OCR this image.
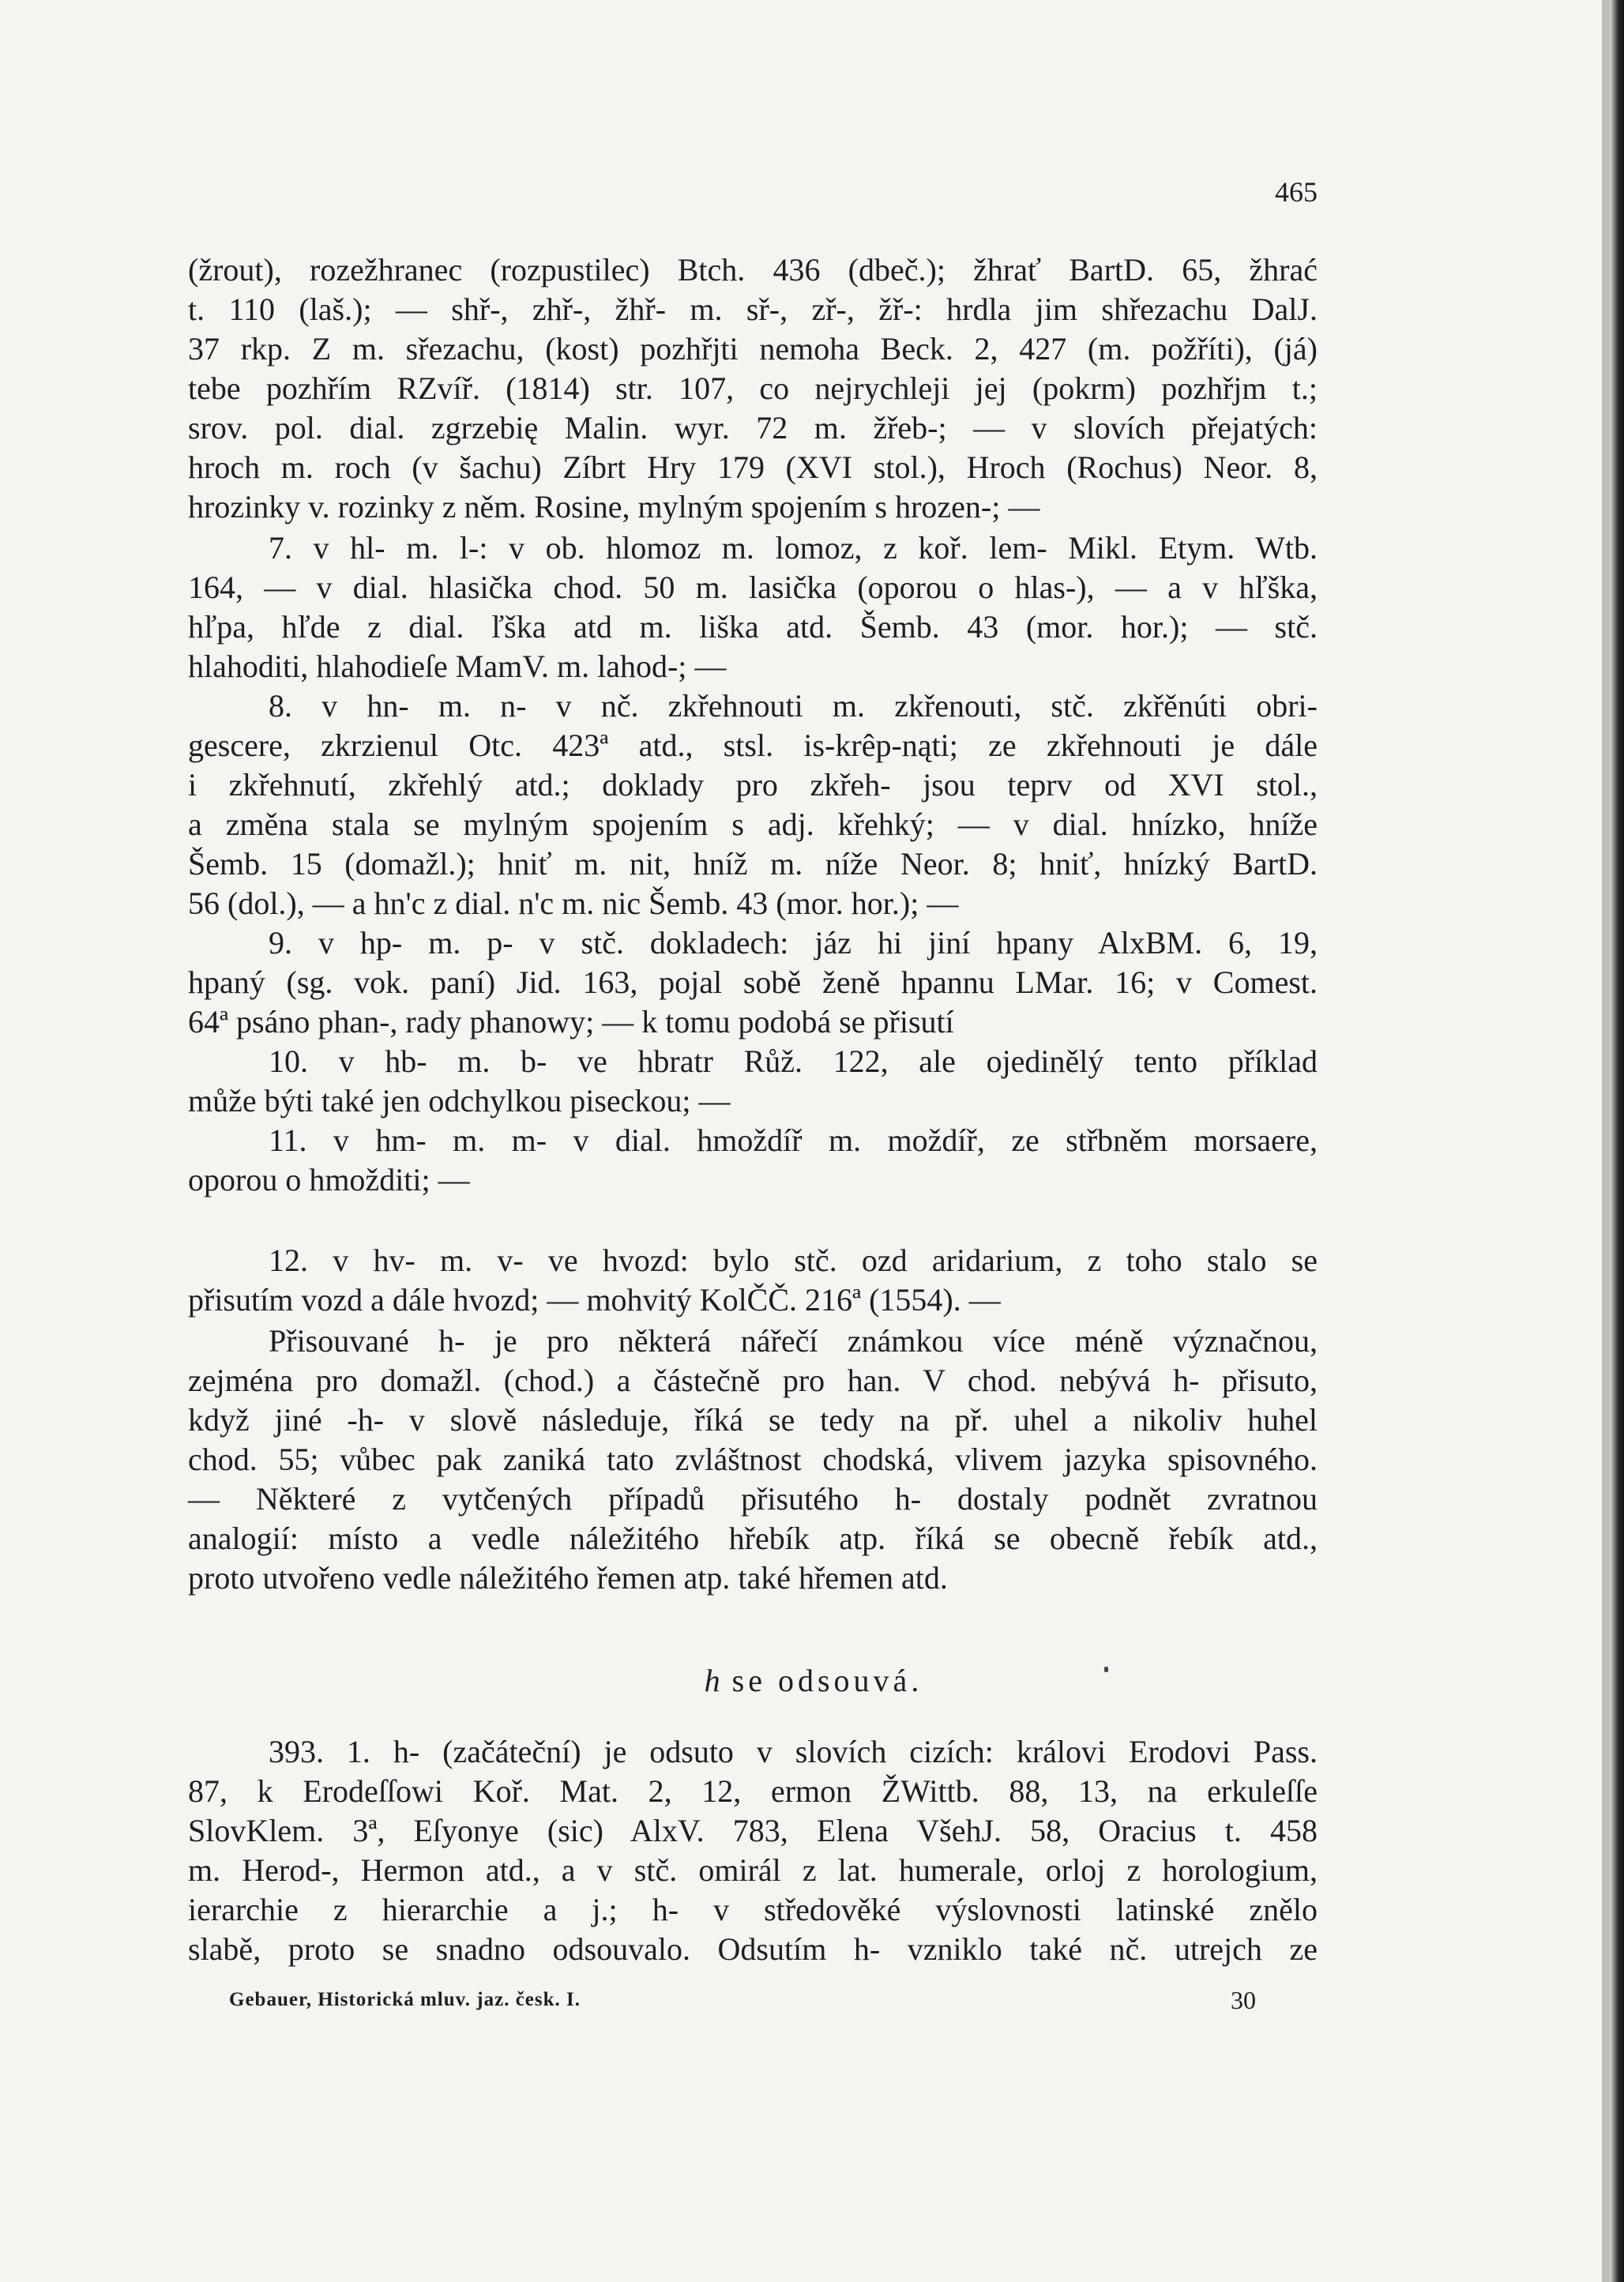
465
(žrout), rozežhranec (rozpustilec) Btch. 436 (dbeč.); žhrať BartD. 65, žhrać
t. 110 (laš.); — shř-, zhř-, žhř- m. sř-, zř-, žř-: hrdla jim shřezachu DalJ.
37 rkp. Z m. sřezachu, (kost) pozhřjti nemoha Beck. 2, 427 (m. požříti), (já)
tebe pozhřím RZvíř. (1814) str. 107, co nejrychleji jej (pokrm) pozhřjm t.;
srov. pol. dial. zgrzebię Malin. wyr. 72 m. žřeb-; — v slovích přejatých:
hroch m. roch (v šachu) Zíbrt Hry 179 (XVI stol.), Hroch (Rochus) Neor. 8,
hrozinky v. rozinky z něm. Rosine, mylným spojením s hrozen-; —
7. v hl- m. l-: v ob. hlomoz m. lomoz, z koř. lem- Mikl. Etym. Wtb.
164, — v dial. hlasička chod. 50 m. lasička (oporou o hlas-), — a v hľška,
hľpa, hľde z dial. ľška atd m. liška atd. Šemb. 43 (mor. hor.); — stč.
hlahoditi, hlahodieſe MamV. m. lahod-; —
8. v hn- m. n- v nč. zkřehnouti m. zkřenouti, stč. zkřěnúti obri-
gescere, zkrzienul Otc. 423ª atd., stsl. is-krêp-nąti; ze zkřehnouti je dále
i zkřehnutí, zkřehlý atd.; doklady pro zkřeh- jsou teprv od XVI stol.,
a změna stala se mylným spojením s adj. křehký; — v dial. hnízko, hníže
Šemb. 15 (domažl.); hniť m. nit, hníž m. níže Neor. 8; hniť, hnízký BartD.
56 (dol.), — a hn'c z dial. n'c m. nic Šemb. 43 (mor. hor.); —
9. v hp- m. p- v stč. dokladech: jáz hi jiní hpany AlxBM. 6, 19,
hpaný (sg. vok. paní) Jid. 163, pojal sobě ženě hpannu LMar. 16; v Comest.
64ª psáno phan-, rady phanowy; — k tomu podobá se přisutí
10. v hb- m. b- ve hbratr Růž. 122, ale ojedinělý tento příklad
může býti také jen odchylkou piseckou; —
11. v hm- m. m- v dial. hmoždíř m. moždíř, ze střbněm morsaere,
oporou o hmožditi; —
12. v hv- m. v- ve hvozd: bylo stč. ozd aridarium, z toho stalo se
přisutím vozd a dále hvozd; — mohvitý KolČČ. 216ª (1554). —
Přisouvané h- je pro některá nářečí známkou více méně význačnou,
zejména pro domažl. (chod.) a částečně pro han. V chod. nebývá h- přisuto,
když jiné -h- v slově následuje, říká se tedy na př. uhel a nikoliv huhel
chod. 55; vůbec pak zaniká tato zvláštnost chodská, vlivem jazyka spisovného.
— Některé z vytčených případů přisutého h- dostaly podnět zvratnou
analogií: místo a vedle náležitého hřebík atp. říká se obecně řebík atd.,
proto utvořeno vedle náležitého řemen atp. také hřemen atd.
h se odsouvá.
393. 1. h- (začáteční) je odsuto v slovích cizích: královi Erodovi Pass.
87, k Erodeſſowi Koř. Mat. 2, 12, ermon ŽWittb. 88, 13, na erkuleſſe
SlovKlem. 3ª, Eſyonye (sic) AlxV. 783, Elena VšehJ. 58, Oracius t. 458
m. Herod-, Hermon atd., a v stč. omirál z lat. humerale, orloj z horologium,
ierarchie z hierarchie a j.; h- v středověké výslovnosti latinské znělo
slabě, proto se snadno odsouvalo. Odsutím h- vzniklo také nč. utrejch ze
Gebauer, Historická mluv. jaz. česk. I.	30
